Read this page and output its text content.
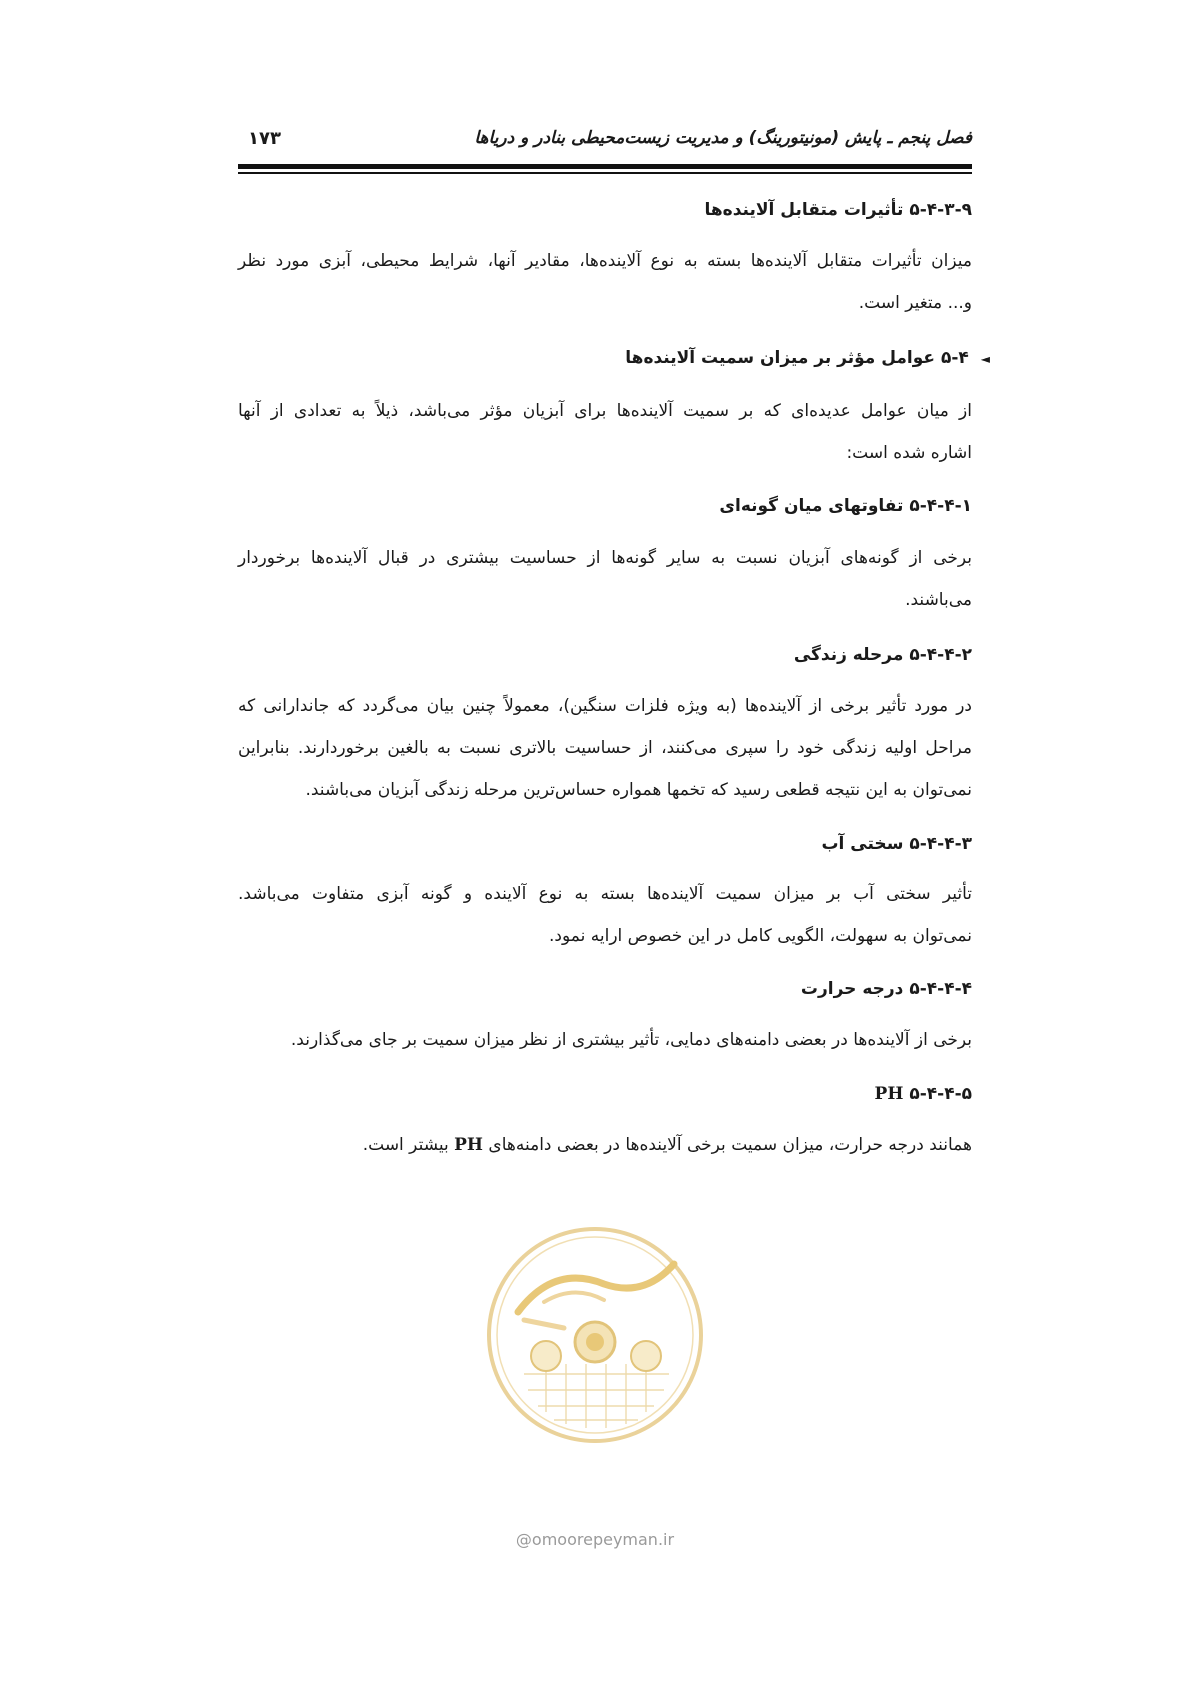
فصل پنجم ـ پایش (مونیتورینگ) و مدیریت زیست‌محیطی بنادر و دریاها
۱۷۳
۵-۴-۳-۹ تأثیرات متقابل آلاینده‌ها
میزان تأثیرات متقابل آلاینده‌ها بسته به نوع آلاینده‌ها، مقادیر آنها، شرایط محیطی، آبزی مورد نظر
و... متغیر است.
◄۵-۴ عوامل مؤثر بر میزان سمیت آلاینده‌ها
از میان عوامل عدیده‌ای که بر سمیت آلاینده‌ها برای آبزیان مؤثر می‌باشد، ذیلاً به تعدادی از آنها
اشاره شده است:
۵-۴-۴-۱ تفاوتهای میان گونه‌ای
برخی از گونه‌های آبزیان نسبت به سایر گونه‌ها از حساسیت بیشتری در قبال آلاینده‌ها برخوردار
می‌باشند.
۵-۴-۴-۲ مرحله زندگی
در مورد تأثیر برخی از آلاینده‌ها (به ویژه فلزات سنگین)، معمولاً چنین بیان می‌گردد که جاندارانی که
مراحل اولیه زندگی خود را سپری می‌کنند، از حساسیت بالاتری نسبت به بالغین برخوردارند. بنابراین
نمی‌توان به این نتیجه قطعی رسید که تخمها همواره حساس‌ترین مرحله زندگی آبزیان می‌باشند.
۵-۴-۴-۳ سختی آب
تأثیر سختی آب بر میزان سمیت آلاینده‌ها بسته به نوع آلاینده و گونه آبزی متفاوت می‌باشد.
نمی‌توان به سهولت، الگویی کامل در این خصوص ارایه نمود.
۵-۴-۴-۴ درجه حرارت
برخی از آلاینده‌ها در بعضی دامنه‌های دمایی، تأثیر بیشتری از نظر میزان سمیت بر جای می‌گذارند.
۵-۴-۴-۵ PH
همانند درجه حرارت، میزان سمیت برخی آلاینده‌ها در بعضی دامنه‌های PH بیشتر است.
@omoorepeyman.ir
